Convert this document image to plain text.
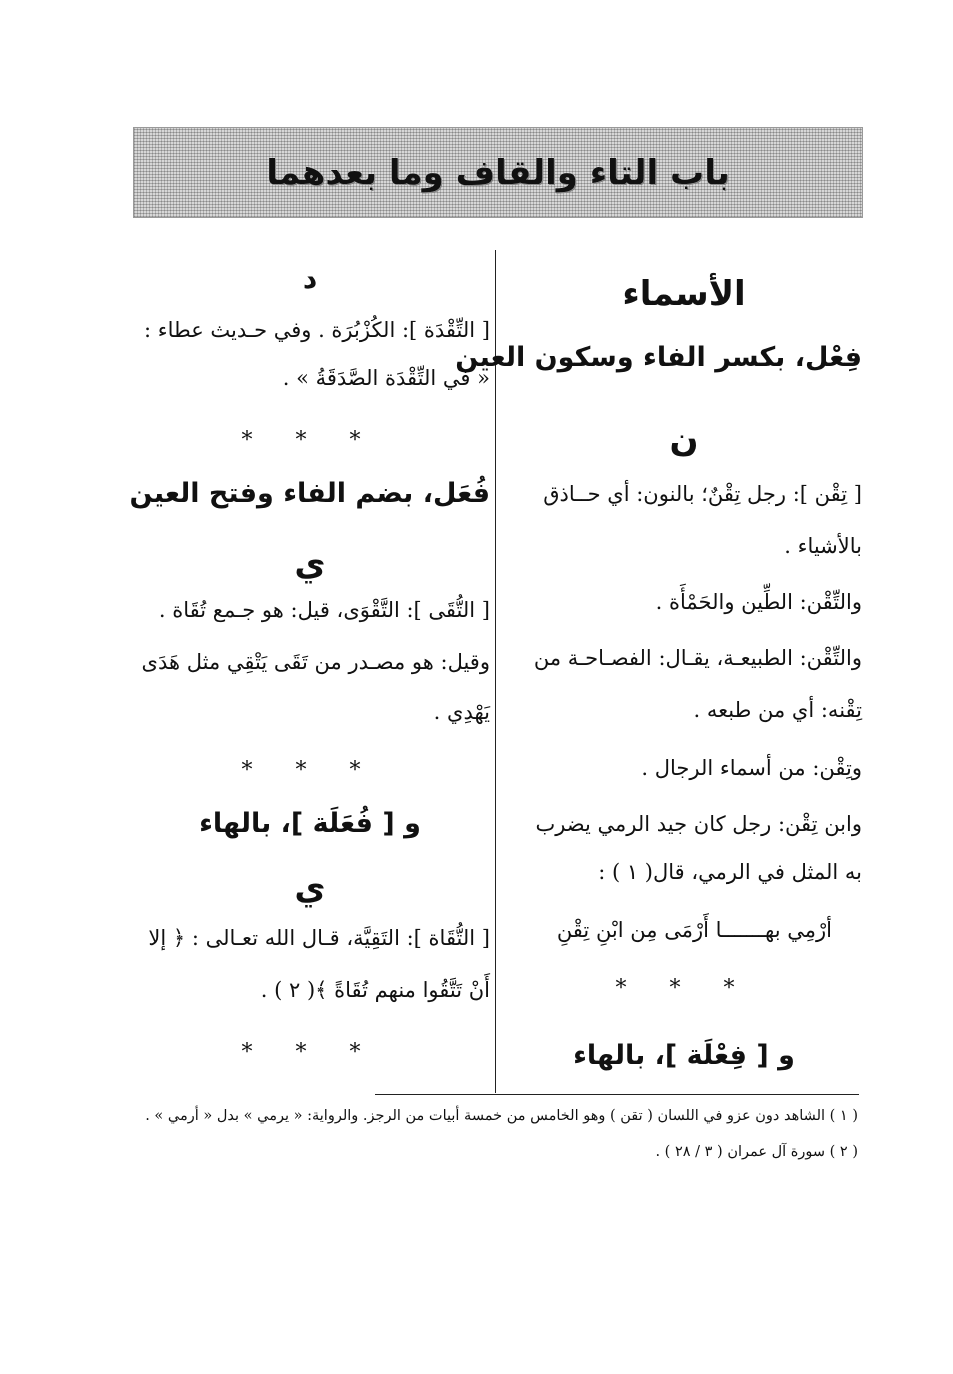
باب التاء والقاف وما بعدهما
الأسماء
فِعْل، بكسر الفاء وسكون العين
ن
[ تِقْن ]: رجل تِقْنٌ؛ بالنون: أي حــاذق
بالأشياء .
والتِّقْن: الطِّين والحَمْأَة .
والتِّقْن: الطبيعـة، يقـال: الفصـاحـة من
تِقْنه: أي من طبعه .
وتِقْن: من أسماء الرجال .
وابن تِقْن: رجل كان جيد الرمي يضرب
به المثل في الرمي، قال( ١ ) :
أرْمِي بهـــــــا أَرْمَى مِن ابْنِ تِقْنِ
* * *
و [ فِعْلَة ]، بالهاء
د
[ التِّقْدَة ]: الكُزْبُرَة . وفي حـديث عطاء :
« في التِّقْدَة الصَّدَقَةُ » .
* * *
فُعَل، بضم الفاء وفتح العين
ي
[ التُّقَى ]: التَّقْوَى، قيل: هو جـمع تُقَاة .
وقيل: هو مصـدر من تَقَى يَتْقِي مثل هَدَى
يَهْدِي .
* * *
و [ فُعَلَة ]، بالهاء
ي
[ التُّقَاة ]: التَقِيَّة، قـال الله تعـالى : ﴿ إلا
أَنْ تَتَّقُوا منهم تُقَاةً ﴾( ٢ ) .
* * *
( ١ ) الشاهد دون عزو في اللسان ( تقن ) وهو الخامس من خمسة أبيات من الرجز. والرواية: « يرمي » بدل « أرمي » .
( ٢ ) سورة آل عمران ( ٣ / ٢٨ ) .
